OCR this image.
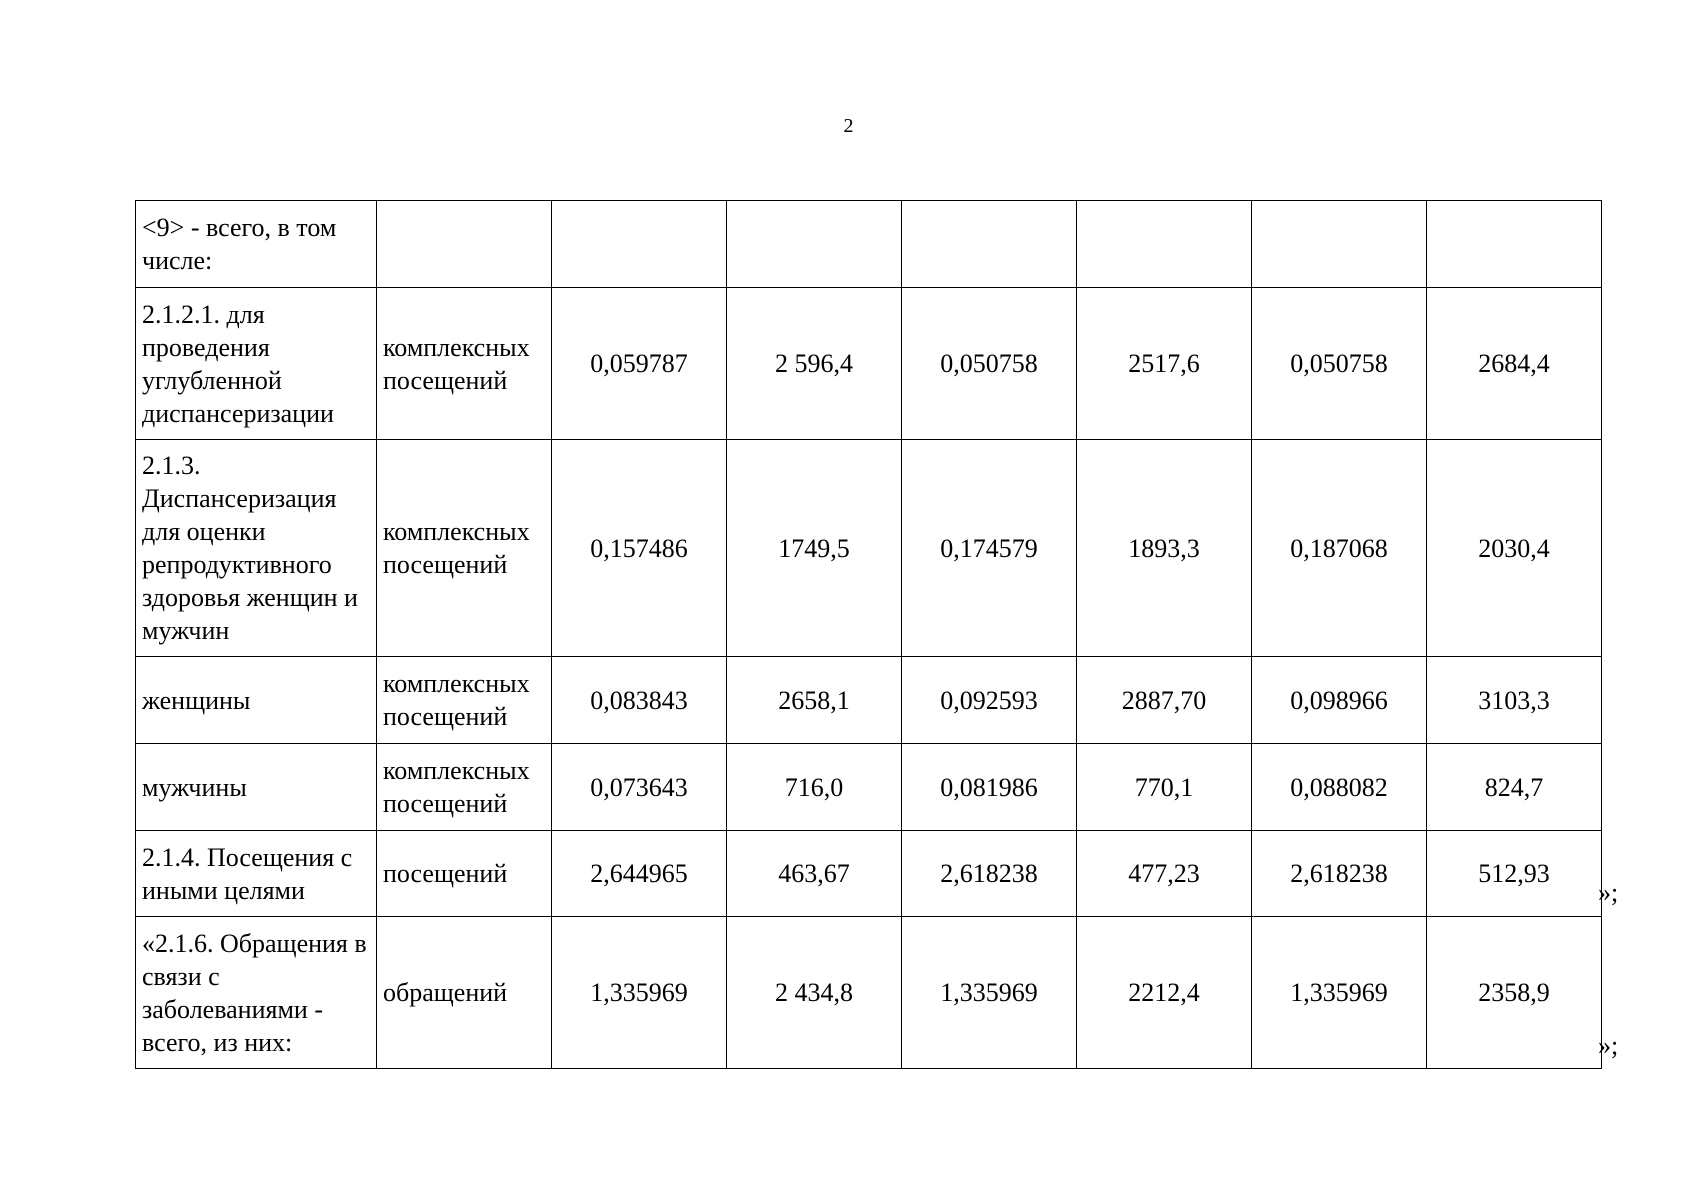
2
<9> - всего, в том числе:							
2.1.2.1. для проведения углубленной диспансеризации	комплексных посещений	0,059787	2 596,4	0,050758	2517,6	0,050758	2684,4
2.1.3. Диспансеризация для оценки репродуктивного здоровья женщин и мужчин	комплексных посещений	0,157486	1749,5	0,174579	1893,3	0,187068	2030,4
женщины	комплексных посещений	0,083843	2658,1	0,092593	2887,70	0,098966	3103,3
мужчины	комплексных посещений	0,073643	716,0	0,081986	770,1	0,088082	824,7
2.1.4. Посещения с иными целями	посещений	2,644965	463,67	2,618238	477,23	2,618238	512,93
«2.1.6. Обращения в связи с заболеваниями - всего, из них:	обращений	1,335969	2 434,8	1,335969	2212,4	1,335969	2358,9
»;
»;
